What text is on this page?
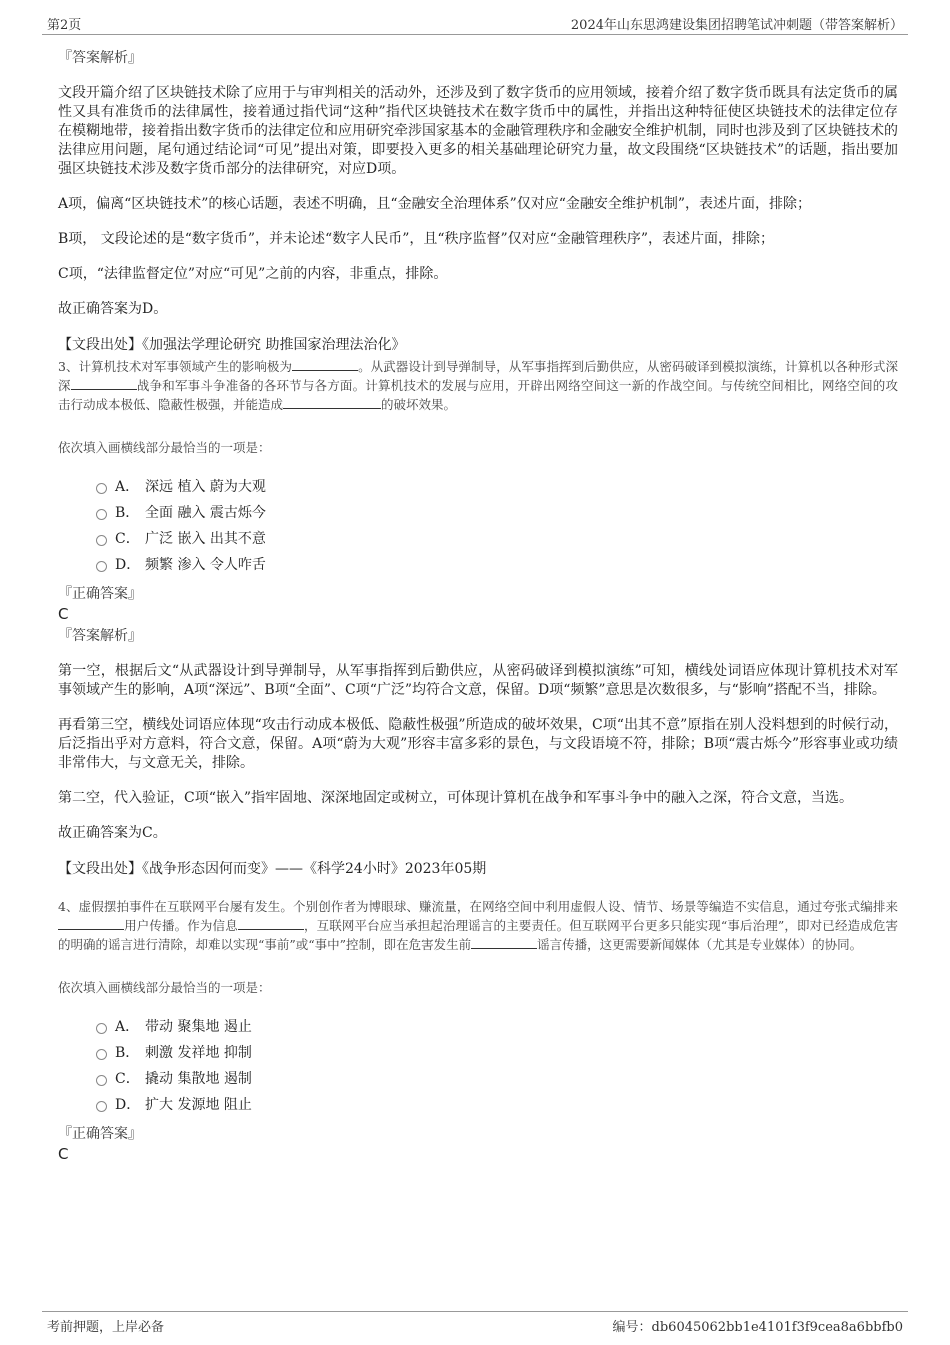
第2页	2024年山东思鸿建设集团招聘笔试冲刺题（带答案解析）

『答案解析』

文段开篇介绍了区块链技术除了应用于与审判相关的活动外，还涉及到了数字货币的应用领域，接着介绍了数字货币既具有法定货币的属性又具有准货币的法律属性，接着通过指代词“这种”指代区块链技术在数字货币中的属性，并指出这种特征使区块链技术的法律定位存在模糊地带，接着指出数字货币的法律定位和应用研究牵涉国家基本的金融管理秩序和金融安全维护机制，同时也涉及到了区块链技术的法律应用问题，尾句通过结论词“可见”提出对策，即要投入更多的相关基础理论研究力量，故文段围绕“区块链技术”的话题，指出要加强区块链技术涉及数字货币部分的法律研究，对应D项。

A项，偏离“区块链技术”的核心话题，表述不明确，且“金融安全治理体系”仅对应“金融安全维护机制”，表述片面，排除；

B项， 文段论述的是“数字货币”，并未论述“数字人民币”，且“秩序监督”仅对应“金融管理秩序”，表述片面，排除；

C项，“法律监督定位”对应“可见”之前的内容，非重点，排除。

故正确答案为D。

【文段出处】《加强法学理论研究 助推国家治理法治化》

3、计算机技术对军事领域产生的影响极为	。从武器设计到导弹制导，从军事指挥到后勤供应，从密码破译到模拟演练，计算机以各种形式深深	战争和军事斗争准备的各环节与各方面。计算机技术的发展与应用，开辟出网络空间这一新的作战空间。与传统空间相比，网络空间的攻击行动成本极低、隐蔽性极强，并能造成	的破坏效果。

依次填入画横线部分最恰当的一项是：

A． 深远 植入 蔚为大观
B． 全面 融入 震古烁今
C． 广泛 嵌入 出其不意
D． 频繁 渗入 令人咋舌

『正确答案』

C

『答案解析』

第一空，根据后文“从武器设计到导弹制导，从军事指挥到后勤供应，从密码破译到模拟演练”可知，横线处词语应体现计算机技术对军事领域产生的影响，A项“深远”、B项“全面”、C项“广泛”均符合文意，保留。D项“频繁”意思是次数很多，与“影响”搭配不当，排除。

再看第三空，横线处词语应体现“攻击行动成本极低、隐蔽性极强”所造成的破坏效果，C项“出其不意”原指在别人没料想到的时候行动，后泛指出乎对方意料，符合文意，保留。A项“蔚为大观”形容丰富多彩的景色，与文段语境不符，排除；B项“震古烁今”形容事业或功绩非常伟大，与文意无关，排除。

第二空，代入验证，C项“嵌入”指牢固地、深深地固定或树立，可体现计算机在战争和军事斗争中的融入之深，符合文意，当选。

故正确答案为C。

【文段出处】《战争形态因何而变》——《科学24小时》2023年05期

4、虚假摆拍事件在互联网平台屡有发生。个别创作者为博眼球、赚流量，在网络空间中利用虚假人设、情节、场景等编造不实信息，通过夸张式编排来用户传播。作为信息	，互联网平台应当承担起治理谣言的主要责任。但互联网平台更多只能实现“事后治理”，即对已经造成危害的明确的谣言进行清除，却难以实现“事前”或“事中”控制，即在危害发生前	谣言传播，这更需要新闻媒体（尤其是专业媒体）的协同。

依次填入画横线部分最恰当的一项是：

A． 带动 聚集地 遏止
B． 刺激 发祥地 抑制
C． 撬动 集散地 遏制
D． 扩大 发源地 阻止

『正确答案』

C

考前押题，上岸必备	编号：db6045062bb1e4101f3f9cea8a6bbfb0
